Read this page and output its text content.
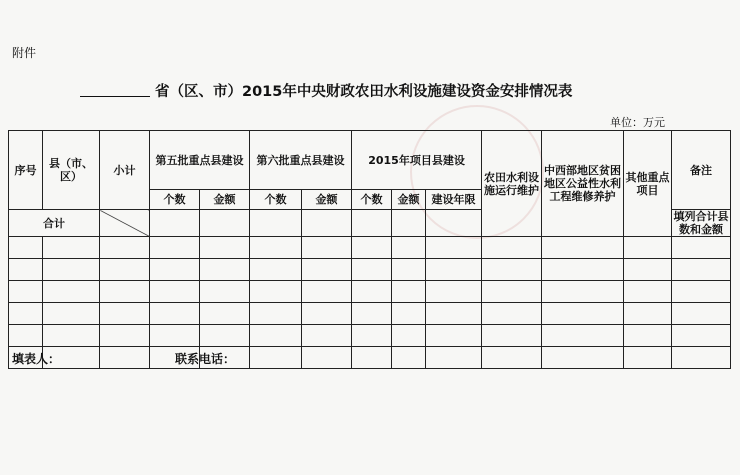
附件
省（区、市）2015年中央财政农田水利设施建设资金安排情况表
单位：万元
序号	县（市、区）	小计	第五批重点县建设		第六批重点县建设		2015年项目县建设			农田水利设施运行维护	中西部地区贫困地区公益性水利工程维修养护	其他重点项目	备注
			个数	金额	个数	金额	个数	金额	建设年限				
合计													填列合计县数和金额

填表人：	联系电话：
